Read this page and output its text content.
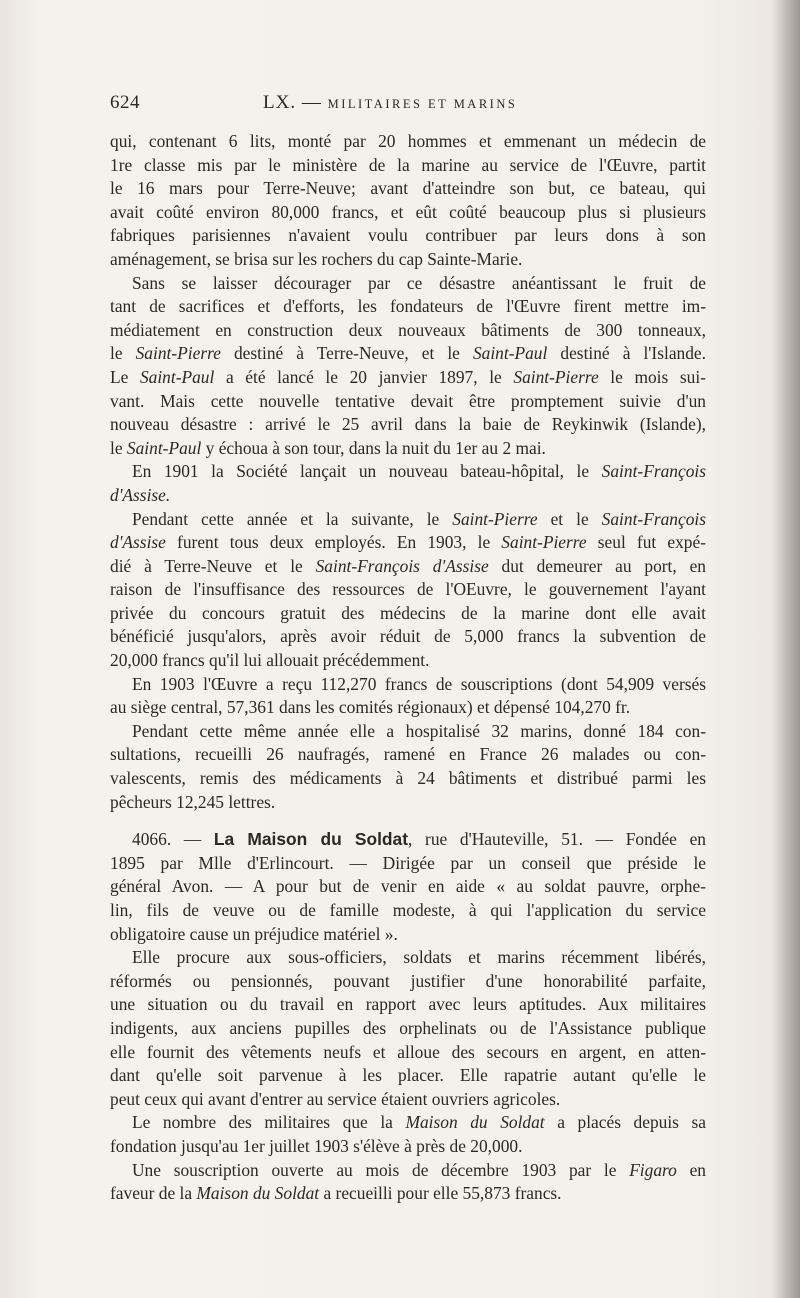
624	LX. — MILITAIRES ET MARINS
qui, contenant 6 lits, monté par 20 hommes et emmenant un médecin de
1re classe mis par le ministère de la marine au service de l'Œuvre, partit
le 16 mars pour Terre-Neuve; avant d'atteindre son but, ce bateau, qui
avait coûté environ 80,000 francs, et eût coûté beaucoup plus si plusieurs
fabriques parisiennes n'avaient voulu contribuer par leurs dons à son
aménagement, se brisa sur les rochers du cap Sainte-Marie.
Sans se laisser décourager par ce désastre anéantissant le fruit de
tant de sacrifices et d'efforts, les fondateurs de l'Œuvre firent mettre im-
médiatement en construction deux nouveaux bâtiments de 300 tonneaux,
le Saint-Pierre destiné à Terre-Neuve, et le Saint-Paul destiné à l'Islande.
Le Saint-Paul a été lancé le 20 janvier 1897, le Saint-Pierre le mois sui-
vant. Mais cette nouvelle tentative devait être promptement suivie d'un
nouveau désastre : arrivé le 25 avril dans la baie de Reykinwik (Islande),
le Saint-Paul y échoua à son tour, dans la nuit du 1er au 2 mai.
En 1901 la Société lançait un nouveau bateau-hôpital, le Saint-François
d'Assise.
Pendant cette année et la suivante, le Saint-Pierre et le Saint-François
d'Assise furent tous deux employés. En 1903, le Saint-Pierre seul fut expé-
dié à Terre-Neuve et le Saint-François d'Assise dut demeurer au port, en
raison de l'insuffisance des ressources de l'OEuvre, le gouvernement l'ayant
privée du concours gratuit des médecins de la marine dont elle avait
bénéficié jusqu'alors, après avoir réduit de 5,000 francs la subvention de
20,000 francs qu'il lui allouait précédemment.
En 1903 l'Œuvre a reçu 112,270 francs de souscriptions (dont 54,909 versés
au siège central, 57,361 dans les comités régionaux) et dépensé 104,270 fr.
Pendant cette même année elle a hospitalisé 32 marins, donné 184 con-
sultations, recueilli 26 naufragés, ramené en France 26 malades ou con-
valescents, remis des médicaments à 24 bâtiments et distribué parmi les
pêcheurs 12,245 lettres.
4066. — La Maison du Soldat, rue d'Hauteville, 51. — Fondée en
1895 par Mlle d'Erlincourt. — Dirigée par un conseil que préside le
général Avon. — A pour but de venir en aide « au soldat pauvre, orphe-
lin, fils de veuve ou de famille modeste, à qui l'application du service
obligatoire cause un préjudice matériel ».
Elle procure aux sous-officiers, soldats et marins récemment libérés,
réformés ou pensionnés, pouvant justifier d'une honorabilité parfaite,
une situation ou du travail en rapport avec leurs aptitudes. Aux militaires
indigents, aux anciens pupilles des orphelinats ou de l'Assistance publique
elle fournit des vêtements neufs et alloue des secours en argent, en atten-
dant qu'elle soit parvenue à les placer. Elle rapatrie autant qu'elle le
peut ceux qui avant d'entrer au service étaient ouvriers agricoles.
Le nombre des militaires que la Maison du Soldat a placés depuis sa
fondation jusqu'au 1er juillet 1903 s'élève à près de 20,000.
Une souscription ouverte au mois de décembre 1903 par le Figaro en
faveur de la Maison du Soldat a recueilli pour elle 55,873 francs.
